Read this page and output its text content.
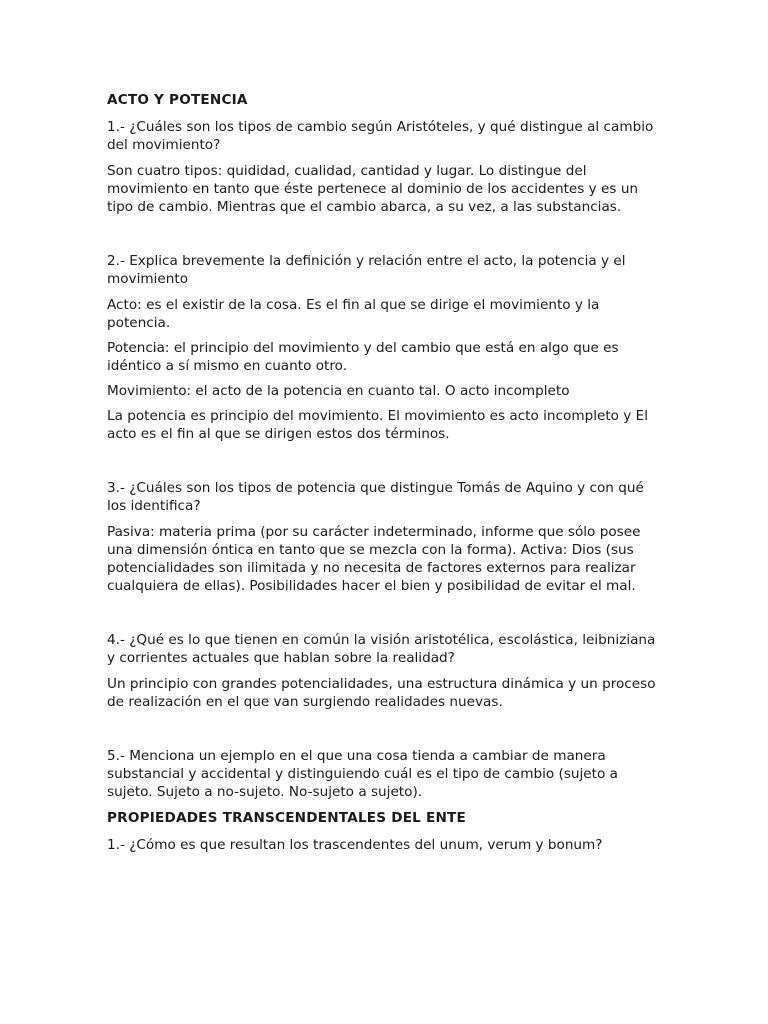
ACTO Y POTENCIA

1.- ¿Cuáles son los tipos de cambio según Aristóteles, y qué distingue al cambio del movimiento?

Son cuatro tipos: quididad, cualidad, cantidad y lugar. Lo distingue del movimiento en tanto que éste pertenece al dominio de los accidentes y es un tipo de cambio. Mientras que el cambio abarca, a su vez, a las substancias.

2.- Explica brevemente la definición y relación entre el acto, la potencia y el movimiento

Acto: es el existir de la cosa. Es el fin al que se dirige el movimiento y la potencia.

Potencia: el principio del movimiento y del cambio que está en algo que es idéntico a sí mismo en cuanto otro.

Movimiento: el acto de la potencia en cuanto tal. O acto incompleto

La potencia es principio del movimiento. El movimiento es acto incompleto y El acto es el fin al que se dirigen estos dos términos.

3.- ¿Cuáles son los tipos de potencia que distingue Tomás de Aquino y con qué los identifica?

Pasiva: materia prima (por su carácter indeterminado, informe que sólo posee una dimensión óntica en tanto que se mezcla con la forma). Activa: Dios (sus potencialidades son ilimitada y no necesita de factores externos para realizar cualquiera de ellas). Posibilidades hacer el bien y posibilidad de evitar el mal.

4.- ¿Qué es lo que tienen en común la visión aristotélica, escolástica, leibniziana y corrientes actuales que hablan sobre la realidad?

Un principio con grandes potencialidades, una estructura dinámica y un proceso de realización en el que van surgiendo realidades nuevas.

5.- Menciona un ejemplo en el que una cosa tienda a cambiar de manera substancial y accidental y distinguiendo cuál es el tipo de cambio (sujeto a sujeto. Sujeto a no-sujeto. No-sujeto a sujeto).

PROPIEDADES TRANSCENDENTALES DEL ENTE

1.- ¿Cómo es que resultan los trascendentes del unum, verum y bonum?
